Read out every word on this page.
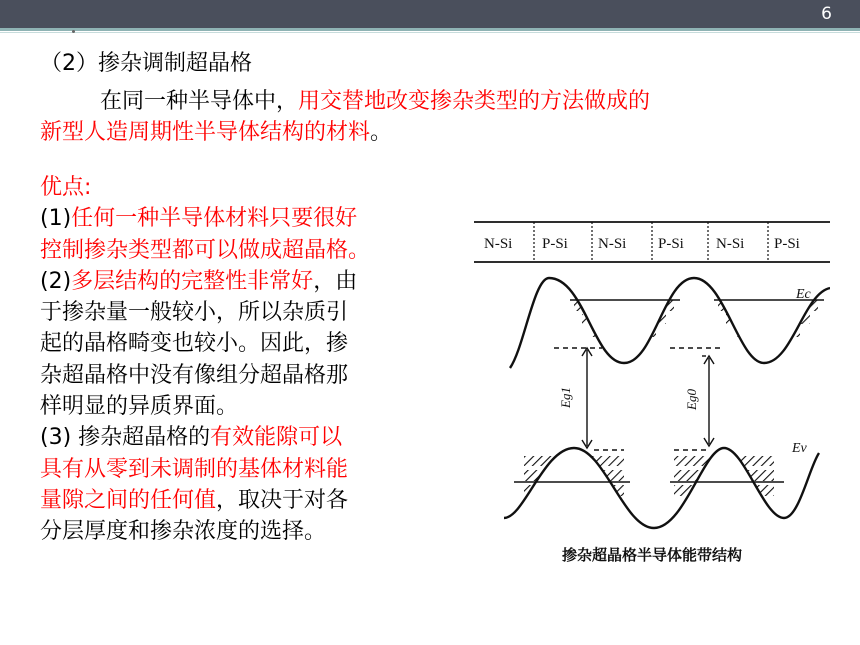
6
（2）掺杂调制超晶格
在同一种半导体中，用交替地改变掺杂类型的方法做成的
新型人造周期性半导体结构的材料。
优点:
(1)任何一种半导体材料只要很好
控制掺杂类型都可以做成超晶格。
(2)多层结构的完整性非常好，由
于掺杂量一般较小，所以杂质引
起的晶格畸变也较小。因此，掺
杂超晶格中没有像组分超晶格那
样明显的异质界面。
(3) 掺杂超晶格的有效能隙可以
具有从零到未调制的基体材料能
量隙之间的任何值，取决于对各
分层厚度和掺杂浓度的选择。
N-Si P-Si N-Si P-Si N-Si P-Si
Ec
Ev
Eg1	Eg0
掺杂超晶格半导体能带结构
